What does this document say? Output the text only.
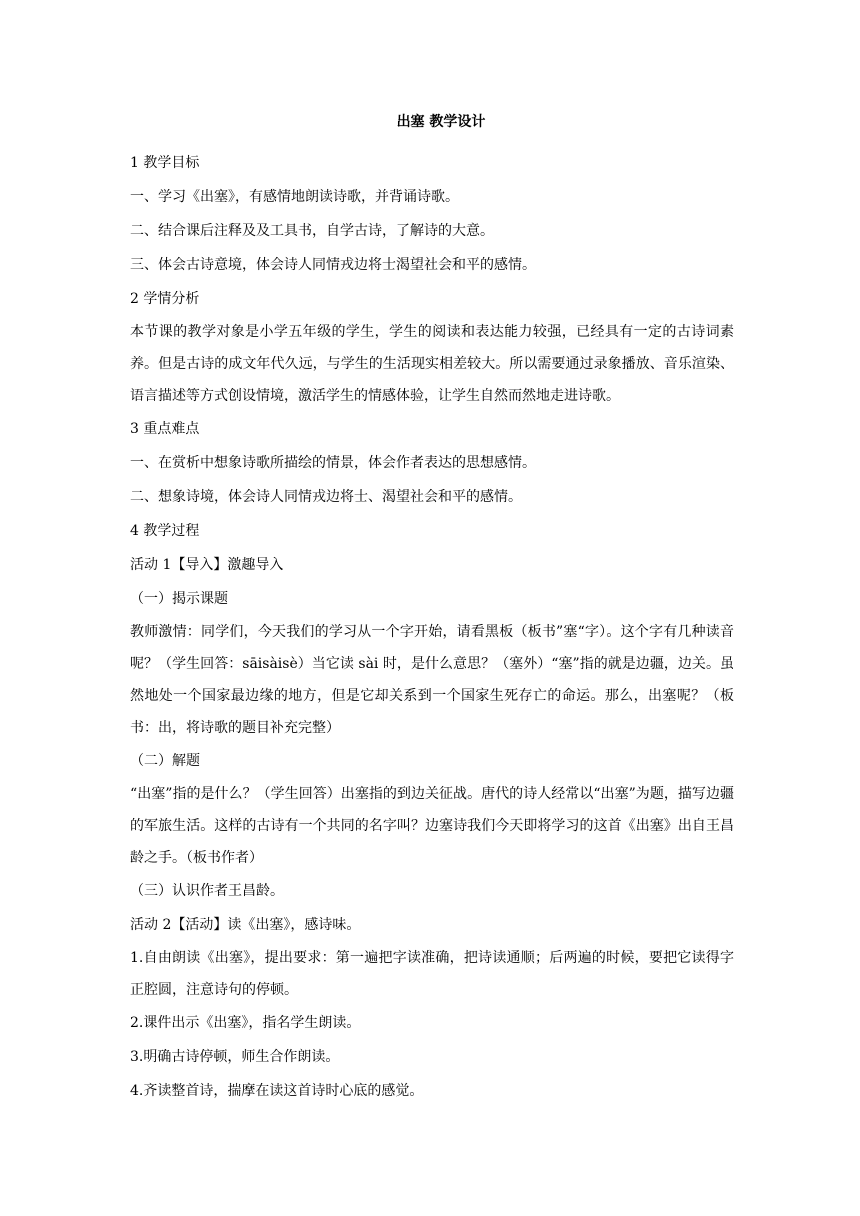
出塞 教学设计

1 教学目标

一、学习《出塞》，有感情地朗读诗歌，并背诵诗歌。

二、结合课后注释及及工具书，自学古诗，了解诗的大意。

三、体会古诗意境，体会诗人同情戎边将士渴望社会和平的感情。

2 学情分析

本节课的教学对象是小学五年级的学生，学生的阅读和表达能力较强，已经具有一定的古诗词素养。但是古诗的成文年代久远，与学生的生活现实相差较大。所以需要通过录象播放、音乐渲染、语言描述等方式创设情境，激活学生的情感体验，让学生自然而然地走进诗歌。

3 重点难点

一、在赏析中想象诗歌所描绘的情景，体会作者表达的思想感情。

二、想象诗境，体会诗人同情戎边将士、渴望社会和平的感情。

4 教学过程

活动 1【导入】激趣导入

（一）揭示课题

教师激情：同学们，今天我们的学习从一个字开始，请看黑板（板书”塞“字）。这个字有几种读音呢？（学生回答：sāisàisè）当它读 sài 时，是什么意思？（塞外）“塞”指的就是边疆，边关。虽然地处一个国家最边缘的地方，但是它却关系到一个国家生死存亡的命运。那么，出塞呢？（板书：出，将诗歌的题目补充完整）

（二）解题

“出塞”指的是什么？（学生回答）出塞指的到边关征战。唐代的诗人经常以“出塞”为题，描写边疆的军旅生活。这样的古诗有一个共同的名字叫？边塞诗我们今天即将学习的这首《出塞》出自王昌龄之手。（板书作者）

（三）认识作者王昌龄。

活动 2【活动】读《出塞》，感诗味。

1.自由朗读《出塞》，提出要求：第一遍把字读准确，把诗读通顺；后两遍的时候，要把它读得字正腔圆，注意诗句的停顿。

2.课件出示《出塞》，指名学生朗读。

3.明确古诗停顿，师生合作朗读。

4.齐读整首诗，揣摩在读这首诗时心底的感觉。
